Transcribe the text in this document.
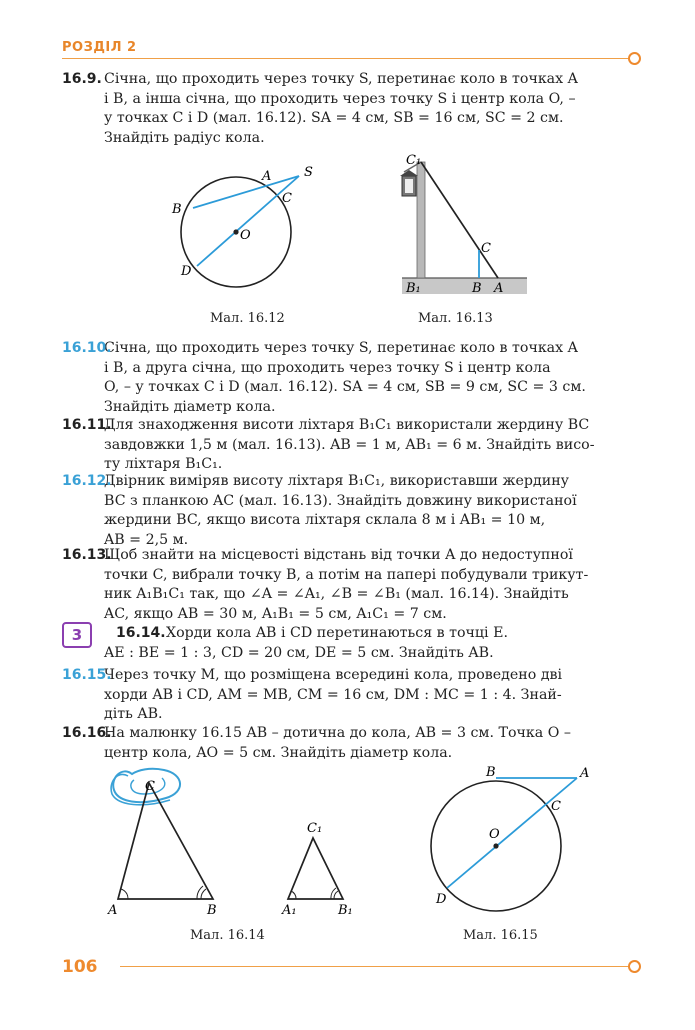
РОЗДІЛ 2
16.9. Січна, що проходить через точку S, перетинає коло в точках A
і B, а інша січна, що проходить через точку S і центр кола O, –
у точках C і D (мал. 16.12). SA = 4 см, SB = 16 см, SC = 2 см.
Знайдіть радіус кола.
S
A
B
C
O
D
Мал. 16.12
C₁
C
B₁	B A
Мал. 16.13
16.10.
Січна, що проходить через точку S, перетинає коло в точках A
і B, а друга січна, що проходить через точку S і центр кола
O, – у точках C і D (мал. 16.12). SA = 4 см, SB = 9 см, SC = 3 см.
Знайдіть діаметр кола.
16.11.
Для знаходження висоти ліхтаря B₁C₁ використали жердину BC
завдовжки 1,5 м (мал. 16.13). AB = 1 м, AB₁ = 6 м. Знайдіть висо-
ту ліхтаря B₁C₁.
16.12.
Двірник виміряв висоту ліхтаря B₁C₁, використавши жердину
BC з планкою AC (мал. 16.13). Знайдіть довжину використаної
жердини BC, якщо висота ліхтаря склала 8 м і AB₁ = 10 м,
AB = 2,5 м.
16.13.
Щоб знайти на місцевості відстань від точки A до недоступної
точки C, вибрали точку B, а потім на папері побудували трикут-
ник A₁B₁C₁ так, що ∠A = ∠A₁, ∠B = ∠B₁ (мал. 16.14). Знайдіть
AC, якщо AB = 30 м, A₁B₁ = 5 см, A₁C₁ = 7 см.
3	16.14. Хорди кола AB і CD перетинаються в точці E.
AE : BE = 1 : 3, CD = 20 см, DE = 5 см. Знайдіть AB.
16.15.
Через точку M, що розміщена всередині кола, проведено дві
хорди AB і CD, AM = MB, CM = 16 см, DM : MC = 1 : 4. Знай-
діть AB.
16.16.
На малюнку 16.15 AB – дотична до кола, AB = 3 см. Точка O –
центр кола, AO = 5 см. Знайдіть діаметр кола.
C
A	B
C₁
A₁	B₁
Мал. 16.14
B	A
C
O
D
Мал. 16.15
106
